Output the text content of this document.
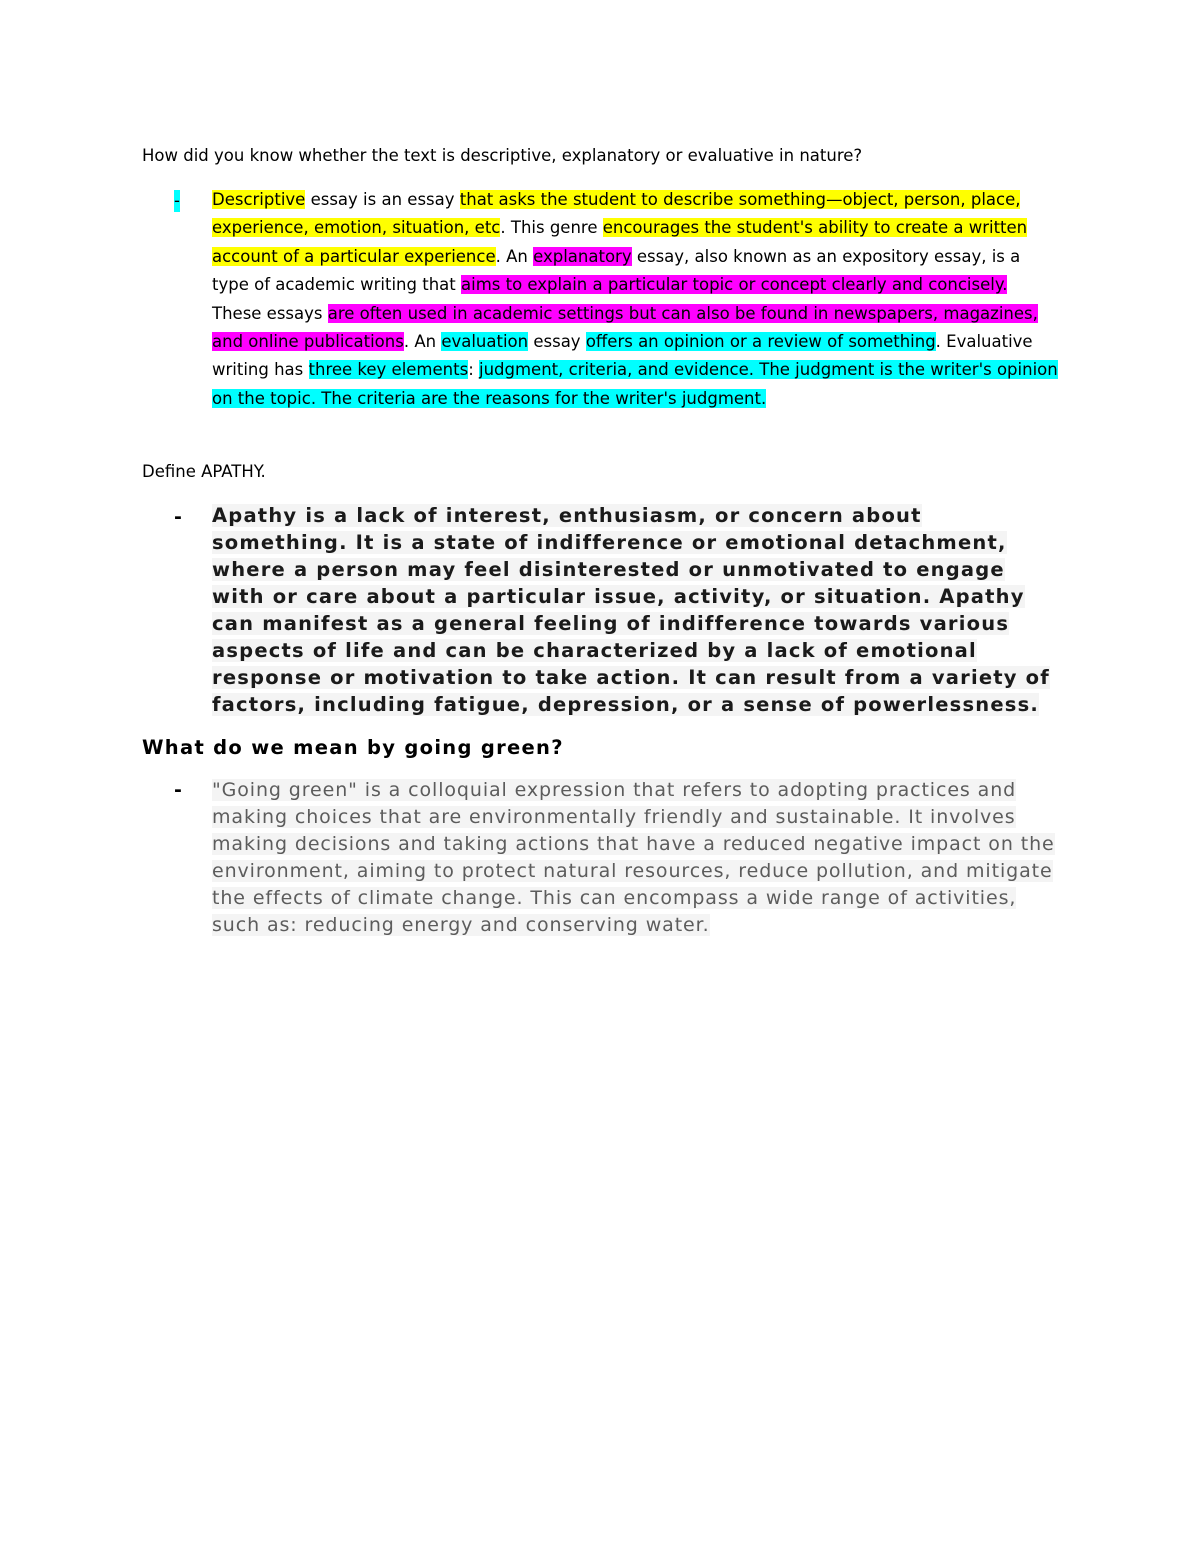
How did you know whether the text is descriptive, explanatory or evaluative in nature?

- Descriptive essay is an essay that asks the student to describe something—object, person, place, experience, emotion, situation, etc. This genre encourages the student's ability to create a written account of a particular experience. An explanatory essay, also known as an expository essay, is a type of academic writing that aims to explain a particular topic or concept clearly and concisely. These essays are often used in academic settings but can also be found in newspapers, magazines, and online publications. An evaluation essay offers an opinion or a review of something. Evaluative writing has three key elements: judgment, criteria, and evidence. The judgment is the writer's opinion on the topic. The criteria are the reasons for the writer's judgment.

Define APATHY.

- Apathy is a lack of interest, enthusiasm, or concern about something. It is a state of indifference or emotional detachment, where a person may feel disinterested or unmotivated to engage with or care about a particular issue, activity, or situation. Apathy can manifest as a general feeling of indifference towards various aspects of life and can be characterized by a lack of emotional response or motivation to take action. It can result from a variety of factors, including fatigue, depression, or a sense of powerlessness.

What do we mean by going green?

- "Going green" is a colloquial expression that refers to adopting practices and making choices that are environmentally friendly and sustainable. It involves making decisions and taking actions that have a reduced negative impact on the environment, aiming to protect natural resources, reduce pollution, and mitigate the effects of climate change. This can encompass a wide range of activities, such as: reducing energy and conserving water.
